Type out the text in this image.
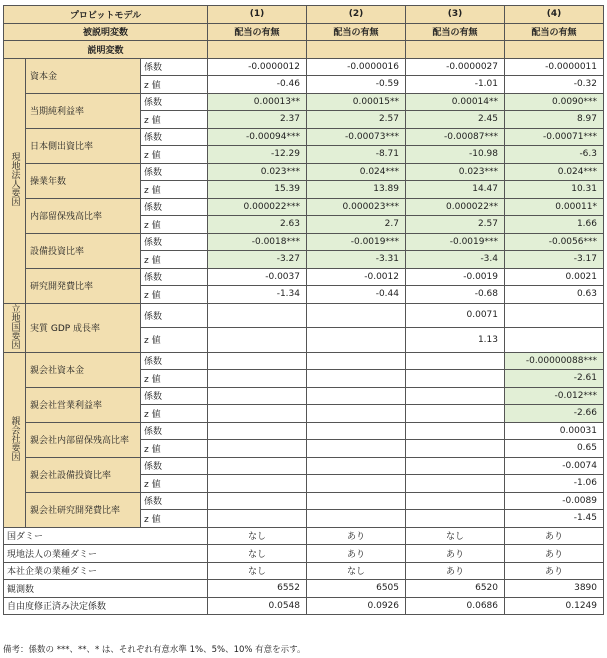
プロビットモデル			(1)	(2)	(3)	(4)
被説明変数			配当の有無	配当の有無	配当の有無	配当の有無
説明変数						
現地法人要因	資本金	係数	-0.0000012	-0.0000016	-0.0000027	-0.0000011
		z 値	-0.46	-0.59	-1.01	-0.32
	当期純利益率	係数	0.00013**	0.00015**	0.00014**	0.0090***
		z 値	2.37	2.57	2.45	8.97
	日本側出資比率	係数	-0.00094***	-0.00073***	-0.00087***	-0.00071***
		z 値	-12.29	-8.71	-10.98	-6.3
	操業年数	係数	0.023***	0.024***	0.023***	0.024***
		z 値	15.39	13.89	14.47	10.31
	内部留保残高比率	係数	0.000022***	0.000023***	0.000022**	0.00011*
		z 値	2.63	2.7	2.57	1.66
	設備投資比率	係数	-0.0018***	-0.0019***	-0.0019***	-0.0056***
		z 値	-3.27	-3.31	-3.4	-3.17
	研究開発費比率	係数	-0.0037	-0.0012	-0.0019	0.0021
		z 値	-1.34	-0.44	-0.68	0.63
立地国要因	実質 GDP 成長率	係数			0.0071	
		z 値			1.13	
親会社要因	親会社資本金	係数				-0.00000088***
		z 値				-2.61
	親会社営業利益率	係数				-0.012***
		z 値				-2.66
	親会社内部留保残高比率	係数				0.00031
		z 値				0.65
	親会社設備投資比率	係数				-0.0074
		z 値				-1.06
	親会社研究開発費比率	係数				-0.0089
		z 値				-1.45
国ダミー			なし	あり	なし	あり
現地法人の業種ダミー			なし	あり	あり	あり
本社企業の業種ダミー			なし	なし	あり	あり
観測数			6552	6505	6520	3890
自由度修正済み決定係数			0.0548	0.0926	0.0686	0.1249
備考：係数の ***、**、* は、それぞれ有意水準 1%、5%、10% 有意を示す。
